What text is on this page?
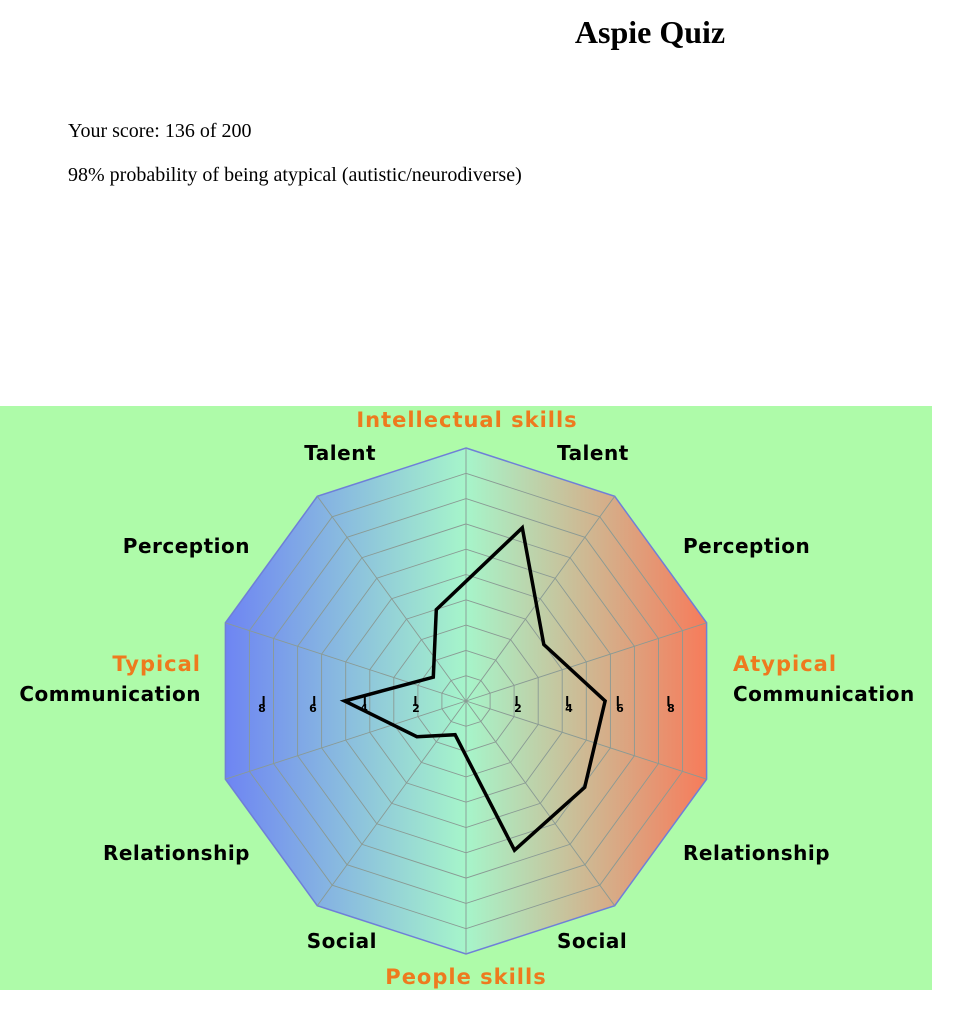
Aspie Quiz
Your score: 136 of 200
98% probability of being atypical (autistic/neurodiverse)
Intellectual skills
People skills
Typical	Atypical
Talent	Talent
Perception	Perception
Communication	Communication
Relationship	Relationship
Social	Social
2
4
6
8	2	4	6	8
